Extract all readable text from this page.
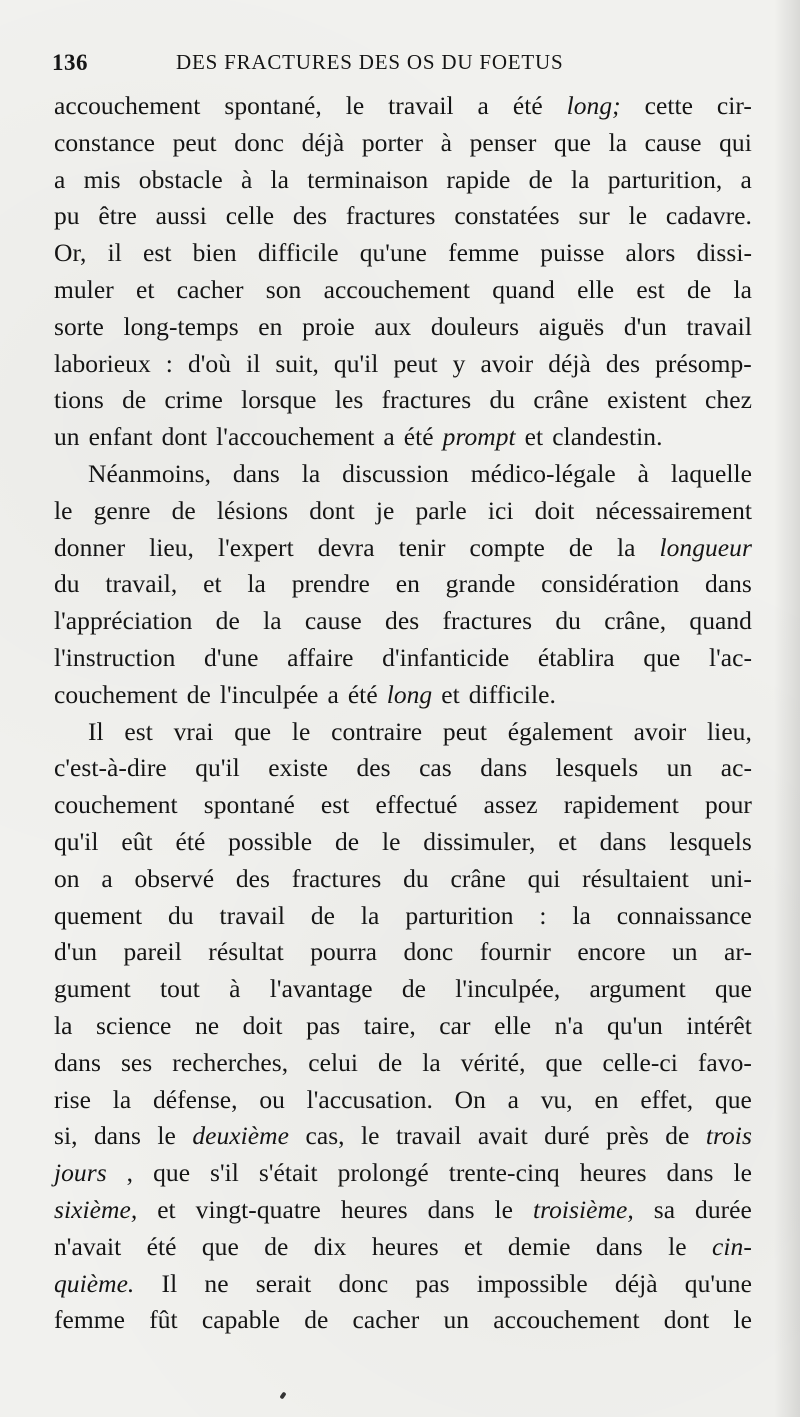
136	DES FRACTURES DES OS DU FOETUS
accouchement spontané, le travail a été long; cette cir-
constance peut donc déjà porter à penser que la cause qui
a mis obstacle à la terminaison rapide de la parturition, a
pu être aussi celle des fractures constatées sur le cadavre.
Or, il est bien difficile qu'une femme puisse alors dissi-
muler et cacher son accouchement quand elle est de la
sorte long-temps en proie aux douleurs aiguës d'un travail
laborieux : d'où il suit, qu'il peut y avoir déjà des présomp-
tions de crime lorsque les fractures du crâne existent chez
un enfant dont l'accouchement a été prompt et clandestin.
Néanmoins, dans la discussion médico-légale à laquelle
le genre de lésions dont je parle ici doit nécessairement
donner lieu, l'expert devra tenir compte de la longueur
du travail, et la prendre en grande considération dans
l'appréciation de la cause des fractures du crâne, quand
l'instruction d'une affaire d'infanticide établira que l'ac-
couchement de l'inculpée a été long et difficile.
Il est vrai que le contraire peut également avoir lieu,
c'est-à-dire qu'il existe des cas dans lesquels un ac-
couchement spontané est effectué assez rapidement pour
qu'il eût été possible de le dissimuler, et dans lesquels
on a observé des fractures du crâne qui résultaient uni-
quement du travail de la parturition : la connaissance
d'un pareil résultat pourra donc fournir encore un ar-
gument tout à l'avantage de l'inculpée, argument que
la science ne doit pas taire, car elle n'a qu'un intérêt
dans ses recherches, celui de la vérité, que celle-ci favo-
rise la défense, ou l'accusation. On a vu, en effet, que
si, dans le deuxième cas, le travail avait duré près de trois
jours , que s'il s'était prolongé trente-cinq heures dans le
sixième, et vingt-quatre heures dans le troisième, sa durée
n'avait été que de dix heures et demie dans le cin-
quième. Il ne serait donc pas impossible déjà qu'une
femme fût capable de cacher un accouchement dont le
